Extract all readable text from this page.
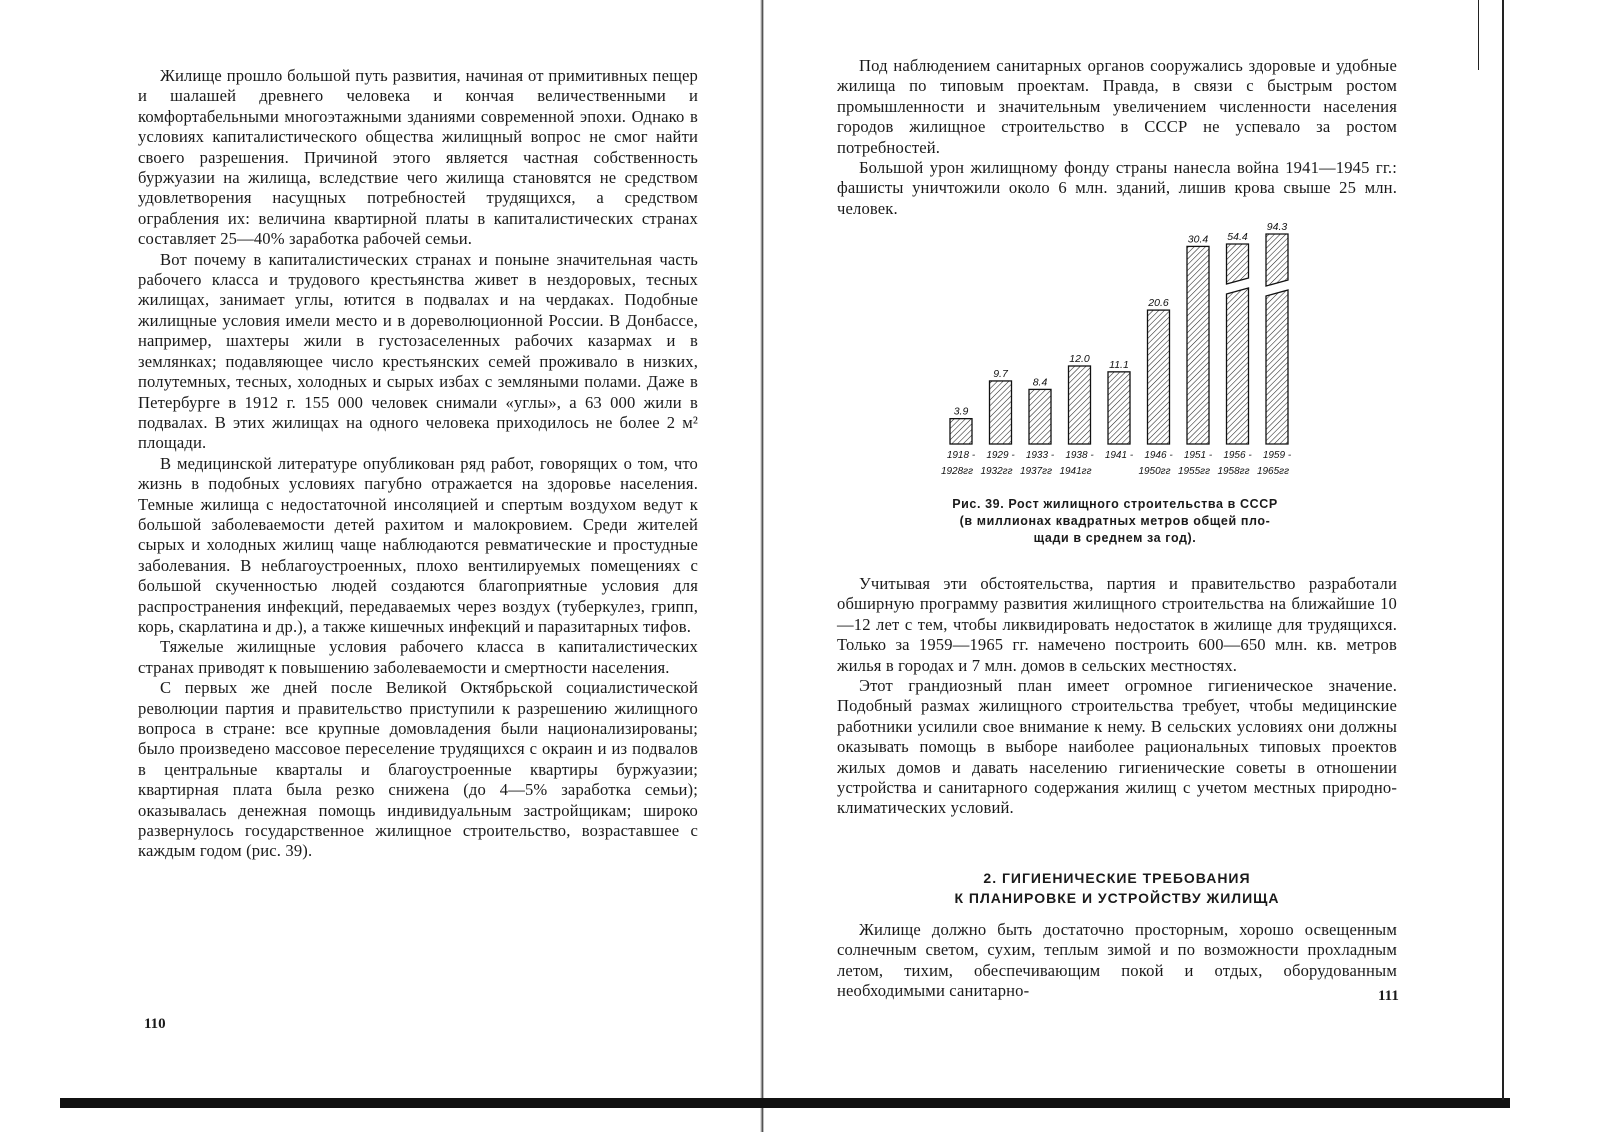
Жилище прошло большой путь развития, начиная от примитивных пещер и шалашей древнего человека и кончая величественными и комфортабельными многоэтажными зданиями современной эпохи. Однако в условиях капиталистического общества жилищный вопрос не смог найти своего разрешения. Причиной этого является частная собственность буржуазии на жилища, вследствие чего жилища становятся не средством удовлетворения насущных потребностей трудящихся, а средством ограбления их: величина квартирной платы в капиталистических странах составляет 25—40% заработка рабочей семьи.

Вот почему в капиталистических странах и поныне значительная часть рабочего класса и трудового крестьянства живет в нездоровых, тесных жилищах, занимает углы, ютится в подвалах и на чердаках. Подобные жилищные условия имели место и в дореволюционной России. В Донбассе, например, шахтеры жили в густозаселенных рабочих казармах и в землянках; подавляющее число крестьянских семей проживало в низких, полутемных, тесных, холодных и сырых избах с земляными полами. Даже в Петербурге в 1912 г. 155 000 человек снимали «углы», а 63 000 жили в подвалах. В этих жилищах на одного человека приходилось не более 2 м² площади.

В медицинской литературе опубликован ряд работ, говорящих о том, что жизнь в подобных условиях пагубно отражается на здоровье населения. Темные жилища с недостаточной инсоляцией и спертым воздухом ведут к большой заболеваемости детей рахитом и малокровием. Среди жителей сырых и холодных жилищ чаще наблюдаются ревматические и простудные заболевания. В неблагоустроенных, плохо вентилируемых помещениях с большой скученностью людей создаются благоприятные условия для распространения инфекций, передаваемых через воздух (туберкулез, грипп, корь, скарлатина и др.), а также кишечных инфекций и паразитарных тифов.

Тяжелые жилищные условия рабочего класса в капиталистических странах приводят к повышению заболеваемости и смертности населения.

С первых же дней после Великой Октябрьской социалистической революции партия и правительство приступили к разрешению жилищного вопроса в стране: все крупные домовладения были национализированы; было произведено массовое переселение трудящихся с окраин и из подвалов в центральные кварталы и благоустроенные квартиры буржуазии; квартирная плата была резко снижена (до 4—5% заработка семьи); оказывалась денежная помощь индивидуальным застройщикам; широко развернулось государственное жилищное строительство, возраставшее с каждым годом (рис. 39).

110

Под наблюдением санитарных органов сооружались здоровые и удобные жилища по типовым проектам. Правда, в связи с быстрым ростом промышленности и значительным увеличением численности населения городов жилищное строительство в СССР не успевало за ростом потребностей.

Большой урон жилищному фонду страны нанесла война 1941—1945 гг.: фашисты уничтожили около 6 млн. зданий, лишив крова свыше 25 млн. человек.

Учитывая эти обстоятельства, партия и правительство разработали обширную программу развития жилищного строительства на ближайшие 10—12 лет с тем, чтобы ликвидировать недостаток в жилище для трудящихся. Только за 1959—1965 гг. намечено построить 600—650 млн. кв. метров жилья в городах и 7 млн. домов в сельских местностях.

Этот грандиозный план имеет огромное гигиеническое значение. Подобный размах жилищного строительства требует, чтобы медицинские работники усилили свое внимание к нему. В сельских условиях они должны оказывать помощь в выборе наиболее рациональных типовых проектов жилых домов и давать населению гигиенические советы в отношении устройства и санитарного содержания жилищ с учетом местных природно-климатических условий.

2. ГИГИЕНИЧЕСКИЕ ТРЕБОВАНИЯ
К ПЛАНИРОВКЕ И УСТРОЙСТВУ ЖИЛИЩА

Жилище должно быть достаточно просторным, хорошо освещенным солнечным светом, сухим, теплым зимой и по возможности прохладным летом, тихим, обеспечивающим покой и отдых, оборудованным необходимыми санитарно-	111
3.9
1918 -
1928гг
9.7
1929 -
1932гг
8.4
1933 -
1937гг
12.0
1938 -
1941гг
11.1
1941 -
20.6
1946 -
1950гг
30.4
1951 -
1955гг
54.4
1956 -
1958гг
94.3
1959 -
1965гг
Рис. 39. Рост жилищного строительства в СССР
(в миллионах квадратных метров общей пло-
щади в среднем за год).
